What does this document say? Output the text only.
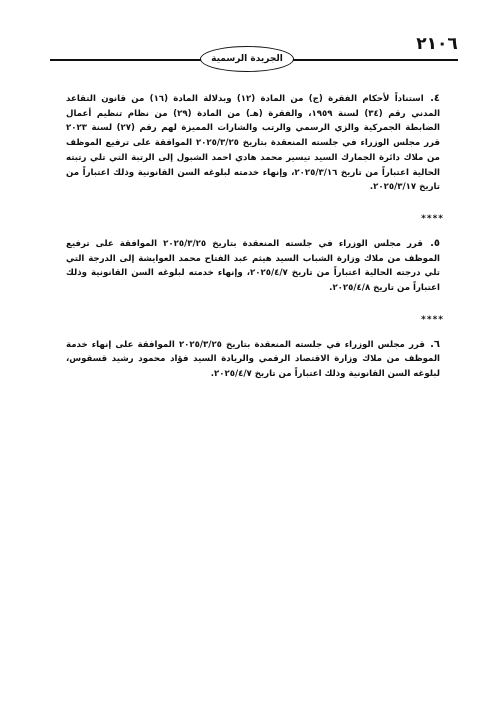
٢١٠٦
الجريدة الرسمية

٤. استناداً لأحكام الفقرة (ج) من المادة (١٢) وبدلالة المادة (١٦) من قانون التقاعد المدني رقم (٣٤) لسنة ١٩٥٩، والفقرة (هـ) من المادة (٢٩) من نظام تنظيم أعمال الضابطة الجمركية والزي الرسمي والرتب والشارات المميزة لهم رقم (٢٧) لسنة ٢٠٢٣ قرر مجلس الوزراء في جلسته المنعقدة بتاريخ ٢٠٢٥/٣/٢٥ الموافقة على ترفيع الموظف من ملاك دائرة الجمارك السيد تيسير محمد هادي احمد الشبول إلى الرتبة التي تلي رتبته الحالية اعتباراً من تاريخ ٢٠٢٥/٣/١٦، وإنهاء خدمته لبلوغه السن القانونية وذلك اعتباراً من تاريخ ٢٠٢٥/٣/١٧.

****

٥. قرر مجلس الوزراء في جلسته المنعقدة بتاريخ ٢٠٢٥/٣/٢٥ الموافقة على ترفيع الموظف من ملاك وزارة الشباب السيد هيثم عبد الفتاح محمد العوايشة إلى الدرجة التي تلي درجته الحالية اعتباراً من تاريخ ٢٠٢٥/٤/٧، وإنهاء خدمته لبلوغه السن القانونية وذلك اعتباراً من تاريخ ٢٠٢٥/٤/٨.

****

٦. قرر مجلس الوزراء في جلسته المنعقدة بتاريخ ٢٠٢٥/٣/٢٥ الموافقة على إنهاء خدمة الموظف من ملاك وزارة الاقتصاد الرقمي والريادة السيد فؤاد محمود رشيد قسقوس، لبلوغه السن القانونية وذلك اعتباراً من تاريخ ٢٠٢٥/٤/٧.
